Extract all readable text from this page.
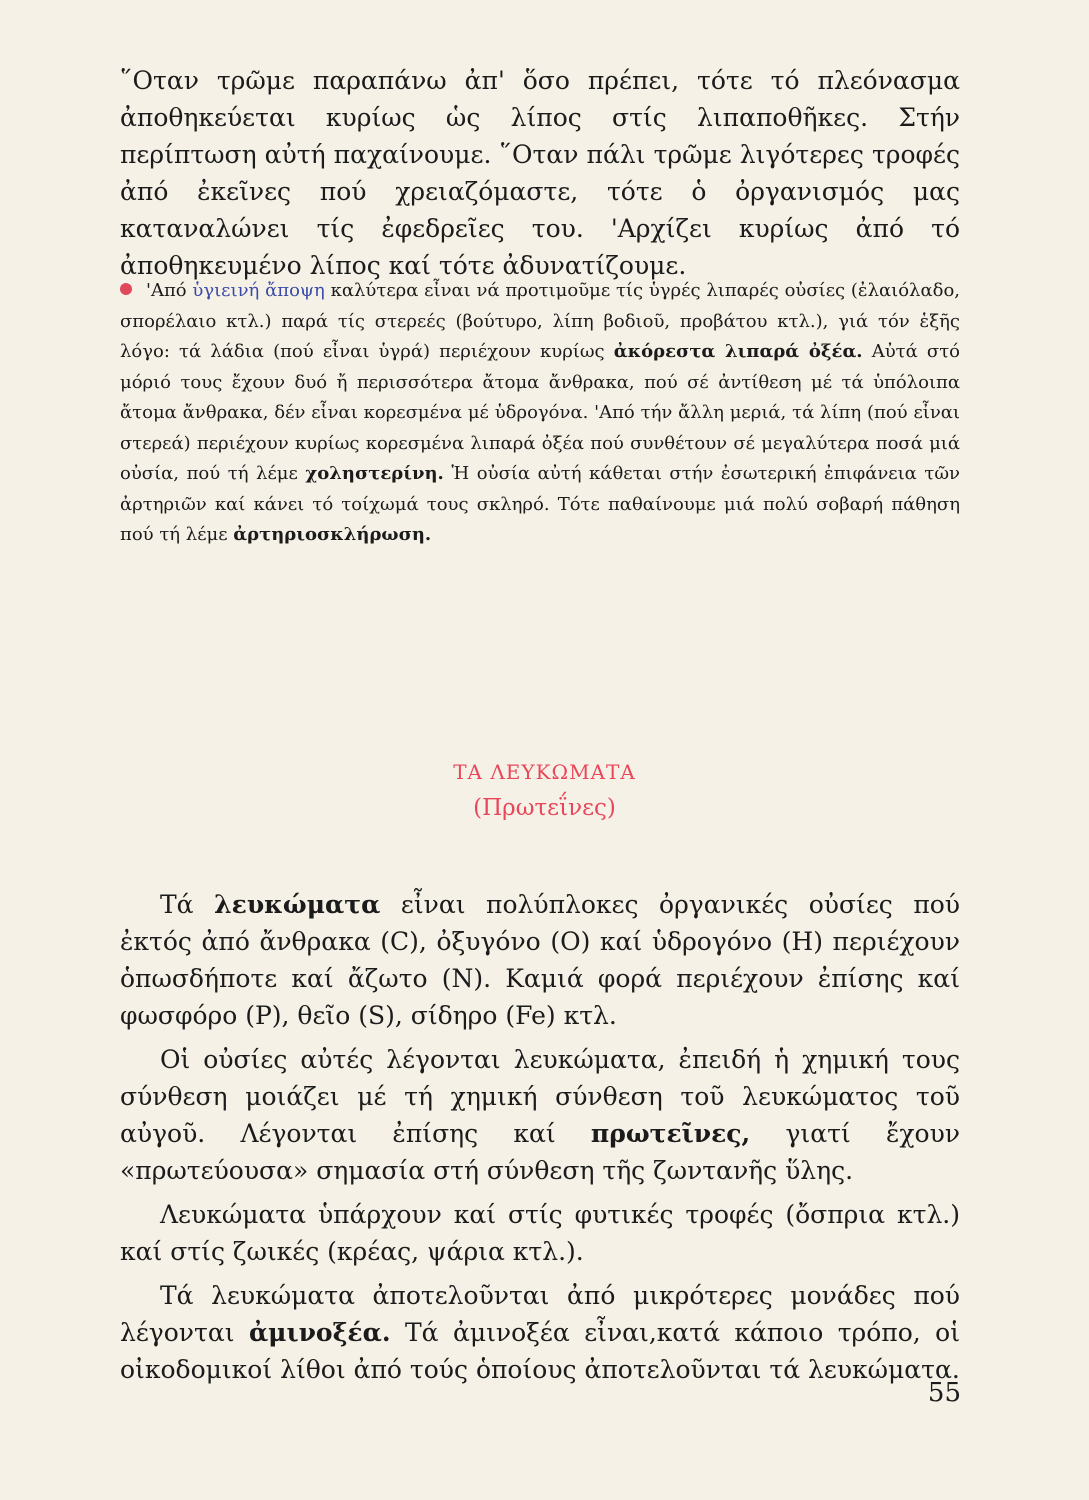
῞Οταν τρῶμε παραπάνω ἀπ' ὅσο πρέπει, τότε τό πλεόνασμα ἀποθηκεύεται κυρίως ὡς λίπος στίς λιπαποθῆκες. Στήν περίπτωση αὐτή παχαίνουμε. ῞Οταν πάλι τρῶμε λιγότερες τροφές ἀπό ἐκεῖνες πού χρειαζόμαστε, τότε ὁ ὀργανισμός μας καταναλώνει τίς ἐφεδρεῖες του. 'Αρχίζει κυρίως ἀπό τό ἀποθηκευμένο λίπος καί τότε ἀδυνατίζουμε.

'Από ὑγιεινή ἄποψη καλύτερα εἶναι νά προτιμοῦμε τίς ὑγρές λιπαρές οὐσίες (ἐλαιόλαδο, σπορέλαιο κτλ.) παρά τίς στερεές (βούτυρο, λίπη βοδιοῦ, προβάτου κτλ.), γιά τόν ἑξῆς λόγο: τά λάδια (πού εἶναι ὑγρά) περιέχουν κυρίως ἀκόρεστα λιπαρά ὀξέα. Αὐτά στό μόριό τους ἔχουν δυό ἤ περισσότερα ἄτομα ἄνθρακα, πού σέ ἀντίθεση μέ τά ὑπόλοιπα ἄτομα ἄνθρακα, δέν εἶναι κορεσμένα μέ ὑδρογόνα. 'Από τήν ἄλλη μεριά, τά λίπη (πού εἶναι στερεά) περιέχουν κυρίως κορεσμένα λιπαρά ὀξέα πού συνθέτουν σέ μεγαλύτερα ποσά μιά οὐσία, πού τή λέμε χοληστερίνη. Ἡ οὐσία αὐτή κάθεται στήν ἐσωτερική ἐπιφάνεια τῶν ἀρτηριῶν καί κάνει τό τοίχωμά τους σκληρό. Τότε παθαίνουμε μιά πολύ σοβαρή πάθηση πού τή λέμε ἀρτηριοσκλήρωση.

ΤΑ ΛΕΥΚΩΜΑΤΑ

(Πρωτεΐνες)

Τά λευκώματα εἶναι πολύπλοκες ὀργανικές οὐσίες πού ἐκτός ἀπό ἄνθρακα (C), ὀξυγόνο (O) καί ὑδρογόνο (H) περιέχουν ὁπωσδήποτε καί ἄζωτο (N). Καμιά φορά περιέχουν ἐπίσης καί φωσφόρο (P), θεῖο (S), σίδηρο (Fe) κτλ.

Οἱ οὐσίες αὐτές λέγονται λευκώματα, ἐπειδή ἡ χημική τους σύνθεση μοιάζει μέ τή χημική σύνθεση τοῦ λευκώματος τοῦ αὐγοῦ. Λέγονται ἐπίσης καί πρωτεῖνες, γιατί ἔχουν «πρωτεύουσα» σημασία στή σύνθεση τῆς ζωντανῆς ὕλης.

Λευκώματα ὑπάρχουν καί στίς φυτικές τροφές (ὄσπρια κτλ.) καί στίς ζωικές (κρέας, ψάρια κτλ.).

Τά λευκώματα ἀποτελοῦνται ἀπό μικρότερες μονάδες πού λέγονται ἀμινοξέα. Τά ἀμινοξέα εἶναι,κατά κάποιο τρόπο, οἱ οἰκοδομικοί λίθοι ἀπό τούς ὁποίους ἀποτελοῦνται τά λευκώματα.

55
